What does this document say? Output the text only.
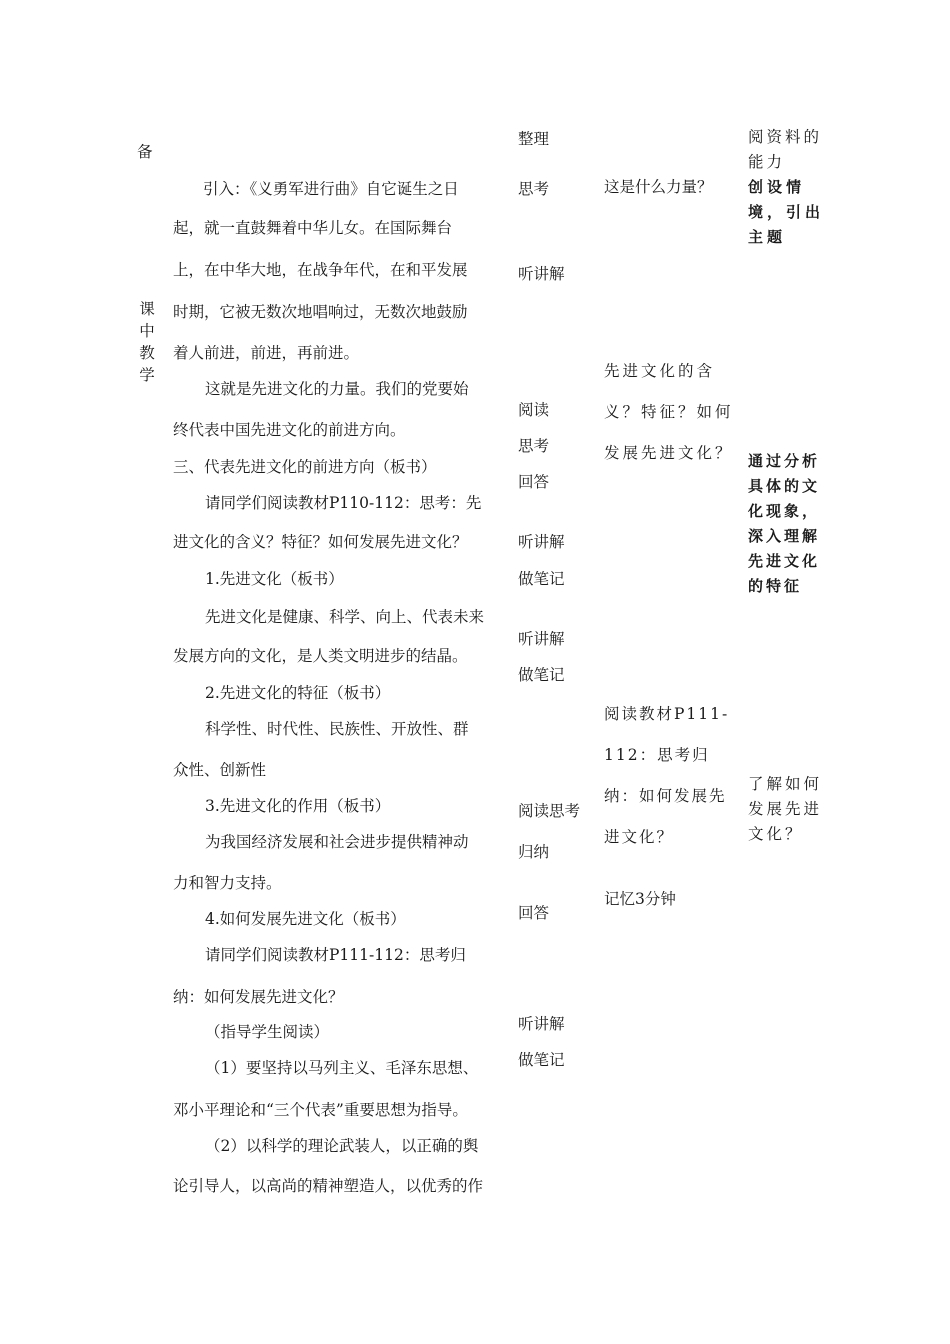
备
课
中
教
学
引入：《义勇军进行曲》自它诞生之日
起，就一直鼓舞着中华儿女。在国际舞台
上，在中华大地，在战争年代，在和平发展
时期，它被无数次地唱响过，无数次地鼓励
着人前进，前进，再前进。
这就是先进文化的力量。我们的党要始
终代表中国先进文化的前进方向。
三、代表先进文化的前进方向（板书）
请同学们阅读教材P110-112：思考：先
进文化的含义？特征？如何发展先进文化？
1.先进文化（板书）
先进文化是健康、科学、向上、代表未来
发展方向的文化，是人类文明进步的结晶。
2.先进文化的特征（板书）
科学性、时代性、民族性、开放性、群
众性、创新性
3.先进文化的作用（板书）
为我国经济发展和社会进步提供精神动
力和智力支持。
4.如何发展先进文化（板书）
请同学们阅读教材P111-112：思考归
纳：如何发展先进文化？
（指导学生阅读）
（1）要坚持以马列主义、毛泽东思想、
邓小平理论和“三个代表”重要思想为指导。
（2）以科学的理论武装人，以正确的舆
论引导人，以高尚的精神塑造人，以优秀的作
整理
思考
听讲解
阅读
思考
回答
听讲解
做笔记
听讲解
做笔记
阅读思考
归纳
回答
听讲解
做笔记
这是什么力量？
先进文化的含义？特征？如何发展先进文化？
阅读教材P111-112：思考归纳：如何发展先进文化？
记忆3分钟
阅资料的能力
创设情境，引出主题
通过分析具体的文化现象，深入理解先进文化的特征
了解如何发展先进文化？
